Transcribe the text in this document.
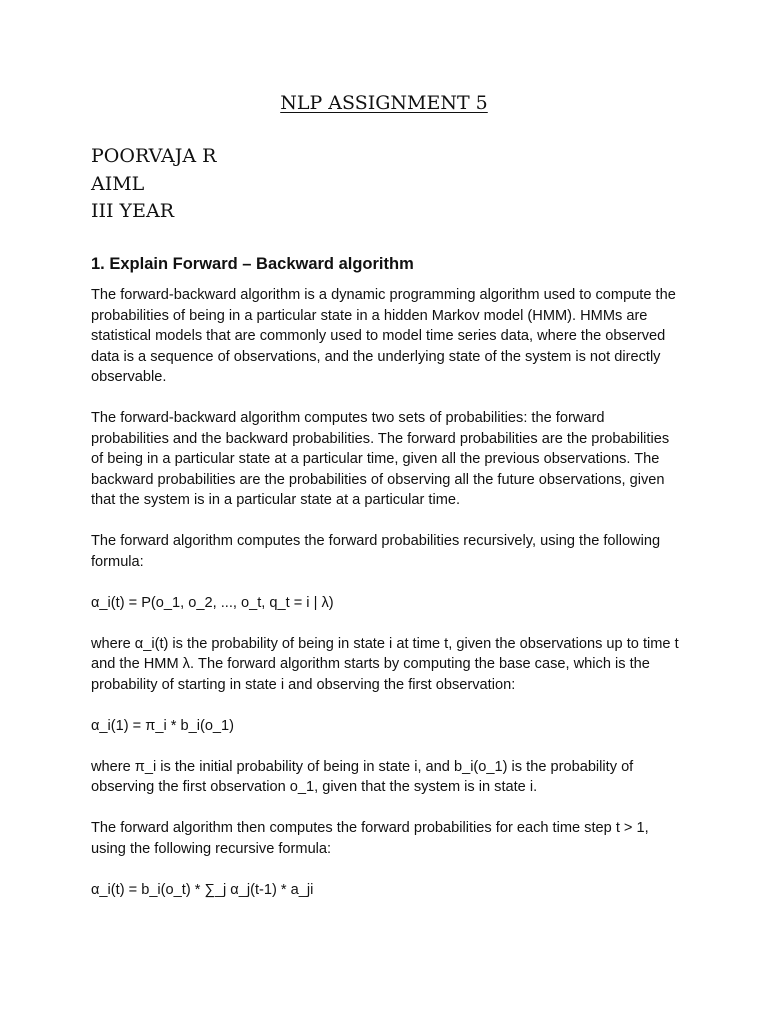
NLP ASSIGNMENT 5
POORVAJA R
AIML
III YEAR
1. Explain Forward – Backward algorithm

The forward-backward algorithm is a dynamic programming algorithm used to compute the probabilities of being in a particular state in a hidden Markov model (HMM). HMMs are statistical models that are commonly used to model time series data, where the observed data is a sequence of observations, and the underlying state of the system is not directly observable.

The forward-backward algorithm computes two sets of probabilities: the forward probabilities and the backward probabilities. The forward probabilities are the probabilities of being in a particular state at a particular time, given all the previous observations. The backward probabilities are the probabilities of observing all the future observations, given that the system is in a particular state at a particular time.

The forward algorithm computes the forward probabilities recursively, using the following formula:

α_i(t) = P(o_1, o_2, ..., o_t, q_t = i | λ)

where α_i(t) is the probability of being in state i at time t, given the observations up to time t and the HMM λ. The forward algorithm starts by computing the base case, which is the probability of starting in state i and observing the first observation:

α_i(1) = π_i * b_i(o_1)

where π_i is the initial probability of being in state i, and b_i(o_1) is the probability of observing the first observation o_1, given that the system is in state i.

The forward algorithm then computes the forward probabilities for each time step t > 1, using the following recursive formula:

α_i(t) = b_i(o_t) * ∑_j α_j(t-1) * a_ji
